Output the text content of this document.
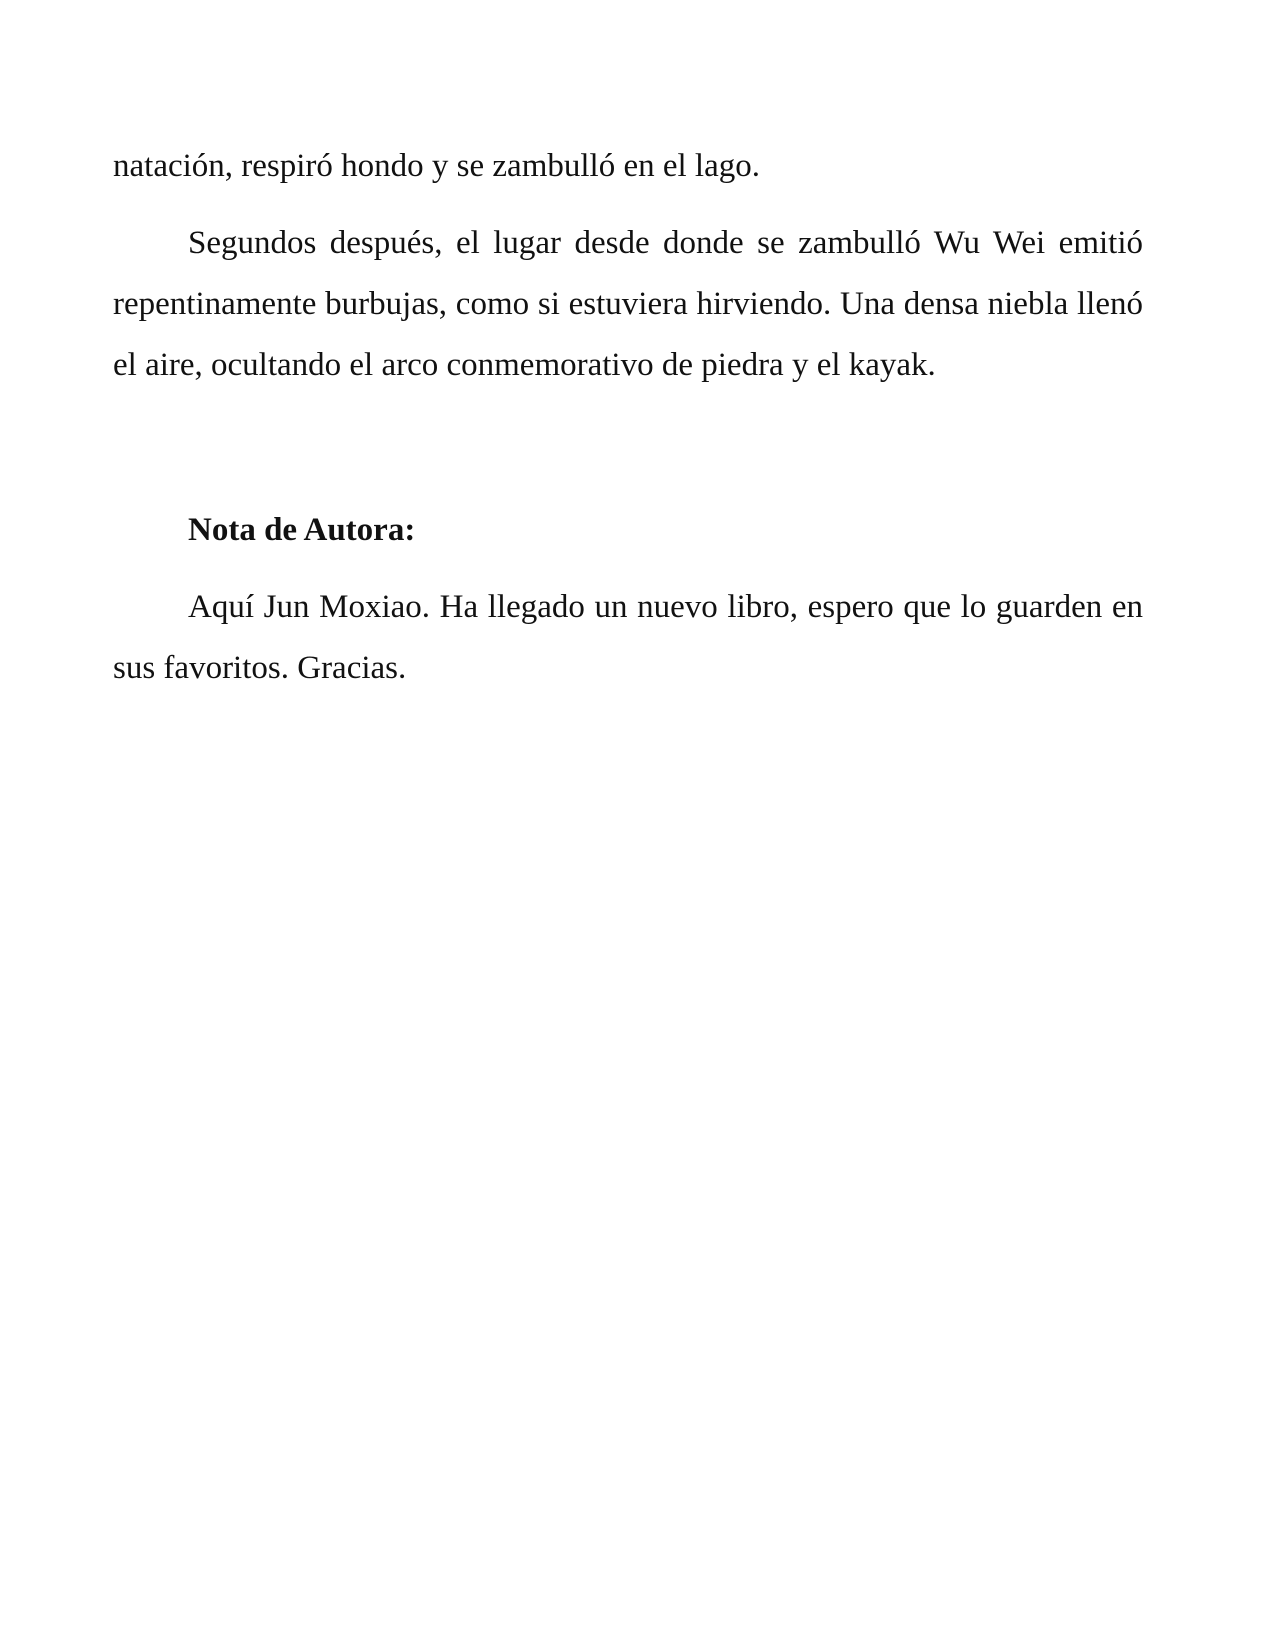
natación, respiró hondo y se zambulló en el lago.

Segundos después, el lugar desde donde se zambulló Wu Wei emitió repentinamente burbujas, como si estuviera hirviendo. Una densa niebla llenó el aire, ocultando el arco conmemorativo de piedra y el kayak.

Nota de Autora:

Aquí Jun Moxiao. Ha llegado un nuevo libro, espero que lo guarden en sus favoritos. Gracias.
